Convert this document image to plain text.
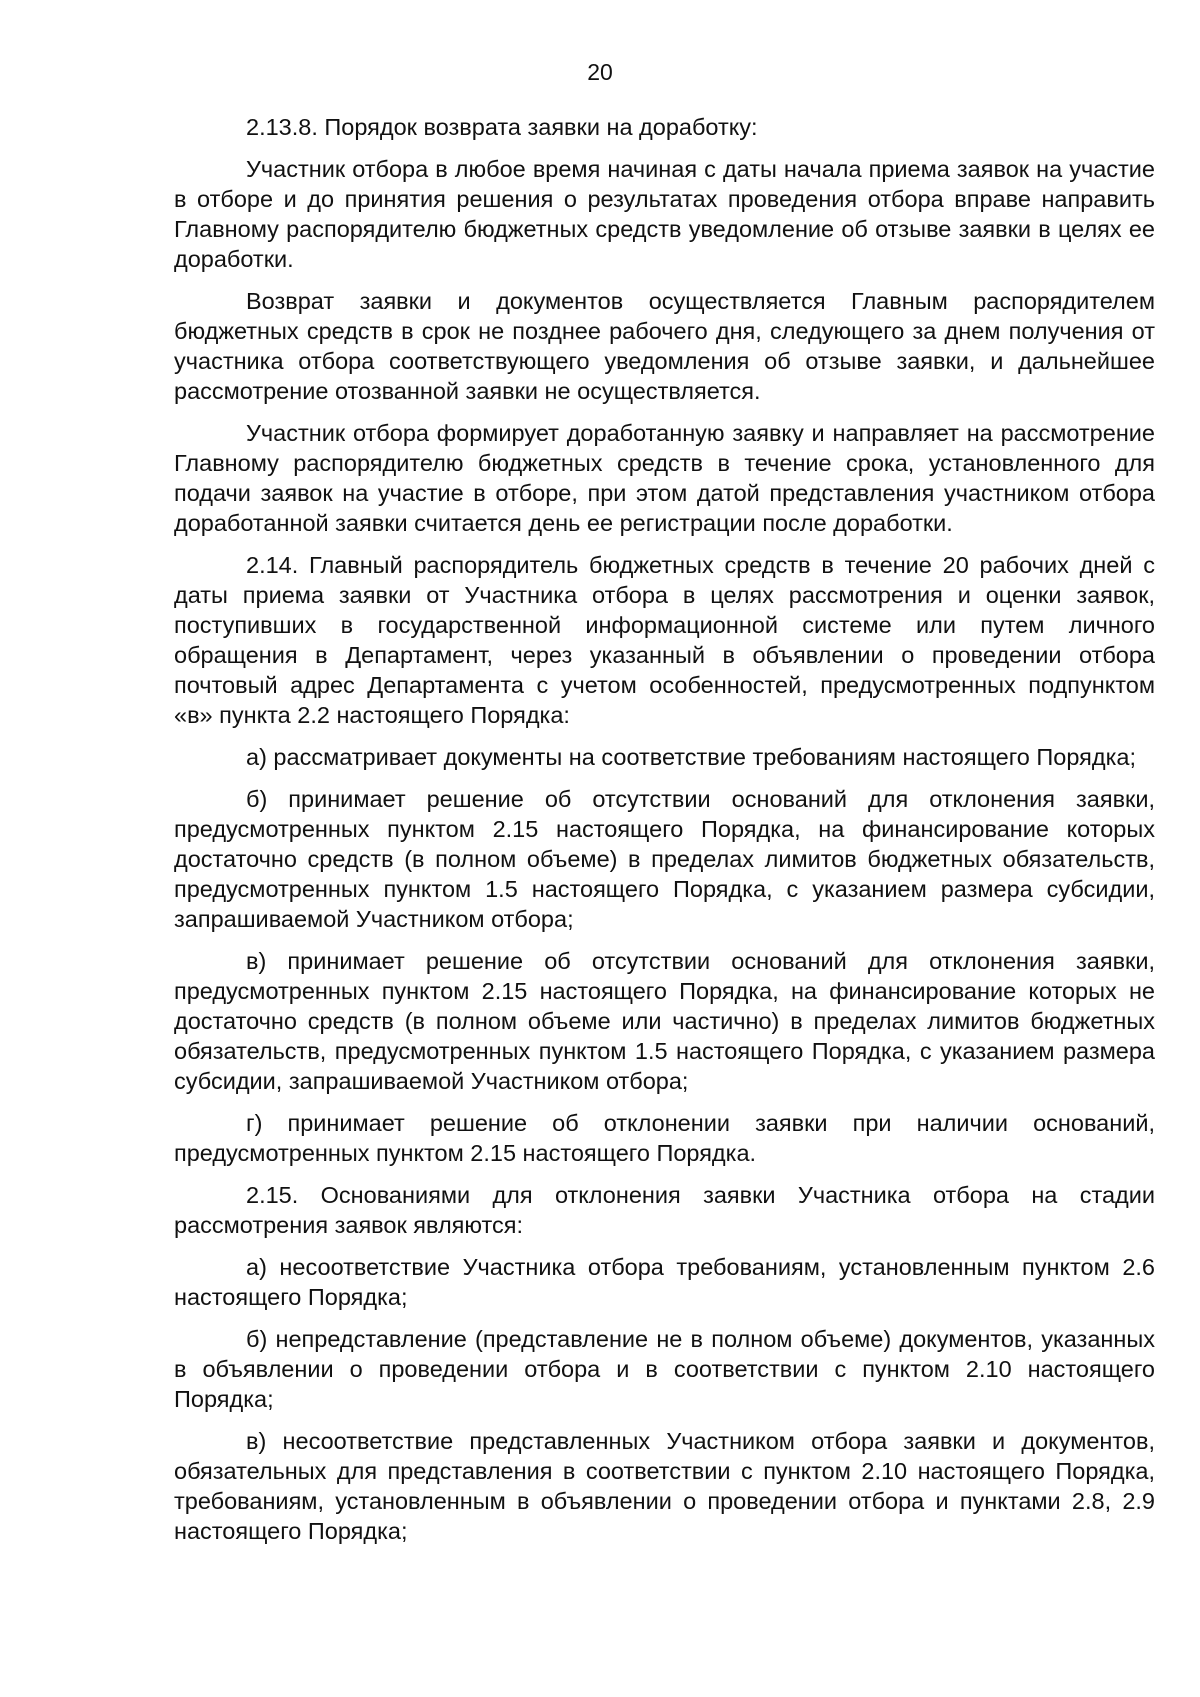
20

2.13.8. Порядок возврата заявки на доработку:

Участник отбора в любое время начиная с даты начала приема заявок на участие в отборе и до принятия решения о результатах проведения отбора вправе направить Главному распорядителю бюджетных средств уведомление об отзыве заявки в целях ее доработки.

Возврат заявки и документов осуществляется Главным распорядителем бюджетных средств в срок не позднее рабочего дня, следующего за днем получения от участника отбора соответствующего уведомления об отзыве заявки, и дальнейшее рассмотрение отозванной заявки не осуществляется.

Участник отбора формирует доработанную заявку и направляет на рассмотрение Главному распорядителю бюджетных средств в течение срока, установленного для подачи заявок на участие в отборе, при этом датой представления участником отбора доработанной заявки считается день ее регистрации после доработки.

2.14. Главный распорядитель бюджетных средств в течение 20 рабочих дней с даты приема заявки от Участника отбора в целях рассмотрения и оценки заявок, поступивших в государственной информационной системе или путем личного обращения в Департамент, через указанный в объявлении о проведении отбора почтовый адрес Департамента с учетом особенностей, предусмотренных подпунктом «в» пункта 2.2 настоящего Порядка:

а) рассматривает документы на соответствие требованиям настоящего Порядка;

б) принимает решение об отсутствии оснований для отклонения заявки, предусмотренных пунктом 2.15 настоящего Порядка, на финансирование которых достаточно средств (в полном объеме) в пределах лимитов бюджетных обязательств, предусмотренных пунктом 1.5 настоящего Порядка, с указанием размера субсидии, запрашиваемой Участником отбора;

в) принимает решение об отсутствии оснований для отклонения заявки, предусмотренных пунктом 2.15 настоящего Порядка, на финансирование которых не достаточно средств (в полном объеме или частично) в пределах лимитов бюджетных обязательств, предусмотренных пунктом 1.5 настоящего Порядка, с указанием размера субсидии, запрашиваемой Участником отбора;

г) принимает решение об отклонении заявки при наличии оснований, предусмотренных пунктом 2.15 настоящего Порядка.

2.15. Основаниями для отклонения заявки Участника отбора на стадии рассмотрения заявок являются:

а) несоответствие Участника отбора требованиям, установленным пунктом 2.6 настоящего Порядка;

б) непредставление (представление не в полном объеме) документов, указанных в объявлении о проведении отбора и в соответствии с пунктом 2.10 настоящего Порядка;

в) несоответствие представленных Участником отбора заявки и документов, обязательных для представления в соответствии с пунктом 2.10 настоящего Порядка, требованиям, установленным в объявлении о проведении отбора и пунктами 2.8, 2.9 настоящего Порядка;
